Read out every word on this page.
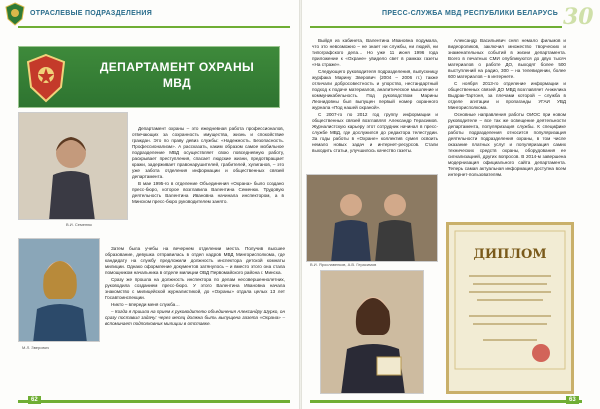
ОТРАСЛЕВЫЕ ПОДРАЗДЕЛЕНИЯ	ПРЕСС-СЛУЖБА МВД РЕСПУБЛИКИ БЕЛАРУСЬ 30
ДЕПАРТАМЕНТ ОХРАНЫ
МВД
В.И. Семенюк
М.Л. Зверович

Департамент охраны – это ежедневная работа профессионалов, отвечающих за сохранность имущества, жизнь и спокойствие граждан. Это по праву девиз службы: «Надежность. Безопасность. Профессионализм». А рассказать, каким образом самое мобильное подразделение МВД осуществляет свою повседневную работу, раскрывает преступления, спасает людские жизни, предотвращает кражи, задерживает правонарушителей, грабителей, хулиганов, – это уже забота отделения информации и общественных связей департамента.

В мае 1995-го в отделение Объединения «Охрана» было создано пресс-бюро, которое возглавила Валентина Семенюк. Трудовую деятельность Валентина Ивановна начинала инспектором, а в Минском пресс-бюро руководителем занято.

Затем была учебы на вечернем отделении места. Получив высшее образование, девушка отправилась в отдел кадров МВД Мингорисполкома, где кандидату на службу предложили должность инспектора детской комнаты милиции. Однако оформление документов затянулось – и вместо этого она стала помощником начальника в отделе милиции ОВД Первомайского района г. Минска.

Сразу же прошла на должность инспектора по делам несовершеннолетних, руководила созданием пресс-бюро. У этого Валентина Ивановна начала знакомство с милицейской журналистикой, до «Охраны» отдала целых 13 лет Госавтоинспекции.

Никто – впереди меня служба…

– Когда я пришла на прием к руководителю объединения Александру Шурко, он сразу поставил задачу: через месяц должна быть выпущена газета «Охрана» – вспоминает подполковник милиции в отставке.

Выйдя из кабинета, Валентина Ивановна подумала, что это невозможно – не знает ни службы, ни людей, ни типографского дела… Но уже 11 июня 1996 года приложение к «Охране» увидело свет в рамках газеты «На страже».

Следующего руководителя подразделения, выпускницу журфака Марину Зверович (2004 – 2006 гг.) также отличали добросовестность и упорство, нестандартный подход к подаче материалов, аналитическое мышление и коммуникабельность. Под руководством Марины Леонидовны был выпущен первый номер охранного журнала «Под нашей охраной».

С 2007-го по 2012 год группу информации и общественных связей возглавлял Александр Герасимов. Журналистскую карьеру этот сотрудник начинал в пресс-службе МВД, где дослужился до редактора телестудии. За годы работы в «Охране» коллектив сумел освоить немало новых задач и интернет-ресурсов. Стали выходить статьи, улучшилось качество газеты.

Александр Васильевич снял немало фильмов и видеороликов, заключил множество творческих и знаменательных событий в жизни департамента. Всего в печатных СМИ опубликуются до двух тысяч материалов о работе ДО, выходят более 500 выступлений на радио, 300 – на телевидении, более 600 материалов – в интернете.

С ноября 2013-го отделение информации и общественных связей ДО МВД возглавляет Анжелика Выдрак-Тартоня, за плечами которой – служба в отделе агитации и пропаганды УГАИ УВД Мингорисполкома.

Основные направления работы ОИОС при новом руководителе – все так же освещение деятельности департамента, популяризация службы. К специфике работы подразделения относится популяризация деятельности подразделения охраны, в том числе оказание платных услуг и популяризация самих технических средств охраны, оборудования ее сигнализацией, других вопросов. В 2014-м завершена модернизация официального сайта департамента. Теперь самая актуальная информация доступна всем интернет-пользователям.

В.И. Ярославенков, А.В. Герасимов
ДИПЛОМ
62	63
